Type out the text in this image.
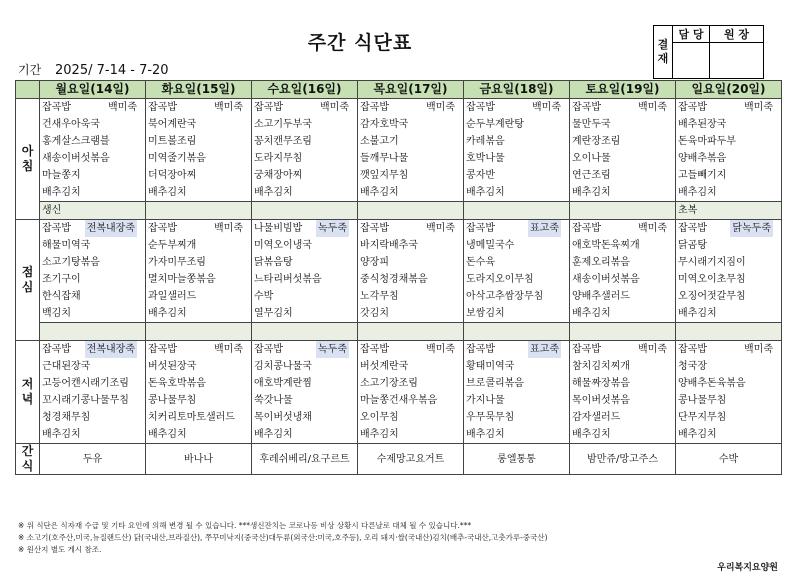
주간 식단표
기간 2025/ 7-14 - 7-20
결재	담 당	원 장

	월요일(14일)	화요일(15일)	수요일(16일)	목요일(17일)	금요일(18일)	토요일(19일)	일요일(20일)
아 침	잡곡밥 백미죽	잡곡밥 백미죽	잡곡밥 백미죽	잡곡밥 백미죽	잡곡밥 백미죽	잡곡밥 백미죽	잡곡밥 백미죽

	건새우아욱국	북어계란국	소고기두부국	감자호박국	순두부계란탕	물만두국	배추된장국
	홍게살스크램블	미트볼조림	꽁치캔무조림	소불고기	카레볶음	계란장조림	돈육마파두부
	새송이버섯볶음	미역줄기볶음	도라지무침	들깨무나물	호박나물	오이나물	양배추볶음
	마늘쫑지	더덕장아찌	궁채장아찌	깻잎지무침	콩자반	연근조림	고들빼기지
	배추김치	배추김치	배추김치	배추김치	배추김치	배추김치	배추김치
	생신						초복
점 심	잡곡밥 전복내장죽	잡곡밥 백미죽	나물비빔밥 녹두죽	잡곡밥 백미죽	잡곡밥 표고죽	잡곡밥 백미죽	잡곡밥 닭녹두죽

	해물미역국	순두부찌개	미역오이냉국	바지락배추국	냉메밀국수	애호박돈육찌개	닭곰탕
	소고기탕볶음	가자미무조림	닭볶음탕	양장피	돈수육	훈제오리볶음	무시래기지짐이
	조기구이	멸치마늘쫑볶음	느타리버섯볶음	중식청경채볶음	도라지오이무침	새송이버섯볶음	미역오이초무침
	한식잡채	과일샐러드	수박	노각무침	아삭고추쌈장무침	양배추샐러드	오징어젓갈무침
	백김치	배추김치	열무김치	갓김치	보쌈김치	배추김치	배추김치

저 녁	잡곡밥 전복내장죽	잡곡밥 백미죽	잡곡밥 녹두죽	잡곡밥 백미죽	잡곡밥 표고죽	잡곡밥 백미죽	잡곡밥 백미죽

	근대된장국	버섯된장국	김치콩나물국	버섯계란국	황태미역국	참치김치찌개	청국장
	고등어캔시래기조림	돈육호박볶음	애호박계란찜	소고기장조림	브로콜리볶음	해물짜장볶음	양배추돈육볶음
	꼬시래기콩나물무침	콩나물무침	쑥갓나물	마늘쫑건새우볶음	가지나물	목이버섯볶음	콩나물무침
	청경채무침	치커리토마토샐러드	목이버섯냉채	오이무침	우무묵무침	감자샐러드	단무지무침
	배추김치	배추김치	배추김치	배추김치	배추김치	배추김치	배추김치
간식	두유	바나나	후레쉬베리/요구르트	수제망고요거트	롱엘통통	밤만쥬/망고주스	수박
※ 위 식단은 식자재 수급 및 기타 요인에 의해 변경 될 수 있습니다. ***생신잔치는 코로나등 비상 상황시 다른날로 대체 될 수 있습니다.***
※ 소고기(호주산,미국,뉴질랜드산) 닭(국내산,브라질산), 쭈꾸미낙지(중국산)대두류(외국산:미국,호주등), 오리 돼지·쌀(국내산)김치(배추-국내산,고춧가루-중국산)
※ 원산지 별도 게시 참조.
우리복지요양원
